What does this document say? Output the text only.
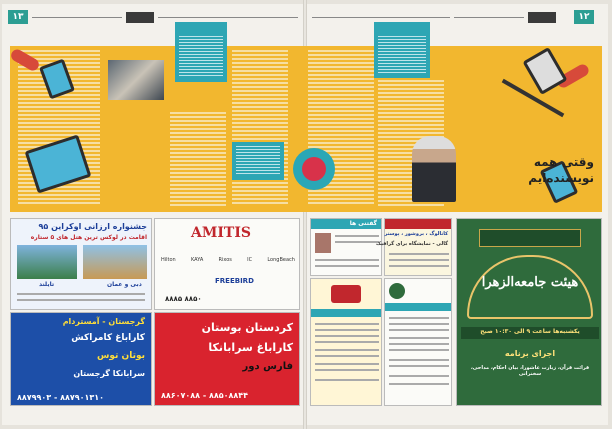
۱۳	۱۲
وقتی همه
نویسنده‌ایم
جشنواره ارزانی اوکراین ۹۵
اقامت در لوکس ترین هتل های ۵ ستاره
تایلند	دبی و عمان
AMITIS
Hilton	KAYA	Rixos	IC	LongBeach
FREEBIRD
۸۸۵۰ ۸۸۸۵
گرجستان - آمستردام
کاراباغ کامراکش
بوتان توس
سرابانکا گرجستان
۸۸۷۹۹۰۳ - ۸۸۷۹۰۱۳۱۰
کردستان بوستان
کاراباغ سرابانکا
فارس دور
۸۸۶۰۷۰۸۸ - ۸۸۵۰۸۸۴۴
گفتنی ها
کاتالوگ ، بروشور ، پوستر
گالی - نمایشگاه برای گرافیک
هیئت جامعه‌الزهرا
یکشنبه‌ها ساعت ۹ الی ۱۰:۳۰ صبح
اجرای برنامه
قرائت قرآن، زیارت عاشورا، بیان احکام، مداحی، سخنرانی
